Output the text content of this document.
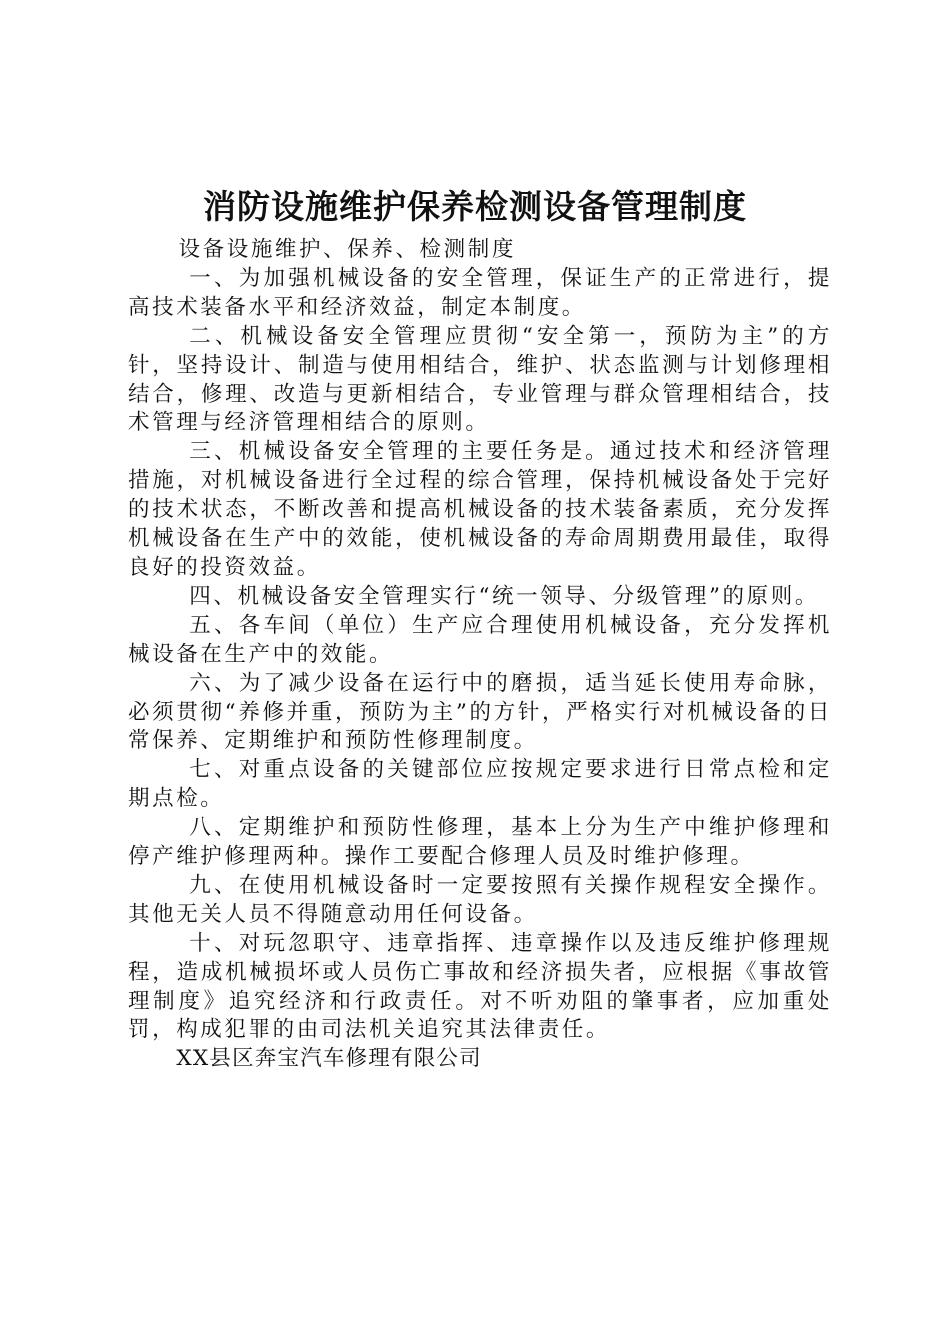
消防设施维护保养检测设备管理制度

设备设施维护、保养、检测制度

一、为加强机械设备的安全管理，保证生产的正常进行，提高技术装备水平和经济效益，制定本制度。

二、机械设备安全管理应贯彻“安全第一，预防为主”的方针，坚持设计、制造与使用相结合，维护、状态监测与计划修理相结合，修理、改造与更新相结合，专业管理与群众管理相结合，技术管理与经济管理相结合的原则。

三、机械设备安全管理的主要任务是。通过技术和经济管理措施，对机械设备进行全过程的综合管理，保持机械设备处于完好的技术状态，不断改善和提高机械设备的技术装备素质，充分发挥机械设备在生产中的效能，使机械设备的寿命周期费用最佳，取得良好的投资效益。

四、机械设备安全管理实行“统一领导、分级管理”的原则。

五、各车间（单位）生产应合理使用机械设备，充分发挥机械设备在生产中的效能。

六、为了减少设备在运行中的磨损，适当延长使用寿命脉，必须贯彻“养修并重，预防为主”的方针，严格实行对机械设备的日常保养、定期维护和预防性修理制度。

七、对重点设备的关键部位应按规定要求进行日常点检和定期点检。

八、定期维护和预防性修理，基本上分为生产中维护修理和停产维护修理两种。操作工要配合修理人员及时维护修理。

九、在使用机械设备时一定要按照有关操作规程安全操作。其他无关人员不得随意动用任何设备。

十、对玩忽职守、违章指挥、违章操作以及违反维护修理规程，造成机械损坏或人员伤亡事故和经济损失者，应根据《事故管理制度》追究经济和行政责任。对不听劝阻的肇事者，应加重处罚，构成犯罪的由司法机关追究其法律责任。

XX县区奔宝汽车修理有限公司
